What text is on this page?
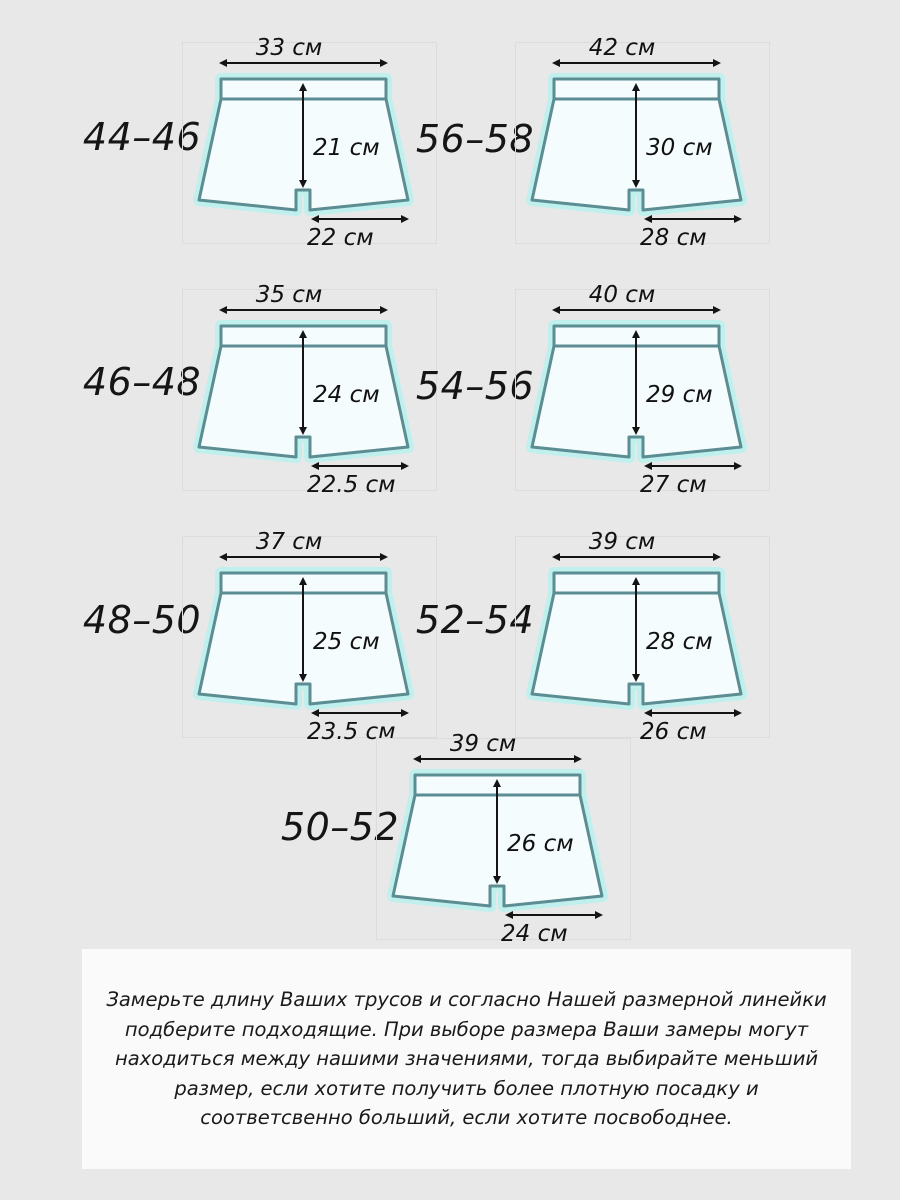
44–46
33 см
21 см
22 см
56–58
42 см
30 см
28 см
46–48
35 см
24 см
22.5 см
54–56
40 см
29 см
27 см
48–50
37 см
25 см
23.5 см
52–54
39 см
28 см
26 см
50–52
39 см
26 см
24 см

Замерьте длину Ваших трусов и согласно Нашей размерной линейки подберите подходящие. При выборе размера Ваши замеры могут находиться между нашими значениями, тогда выбирайте меньший размер, если хотите получить более плотную посадку и соответсвенно больший, если хотите посвободнее.
